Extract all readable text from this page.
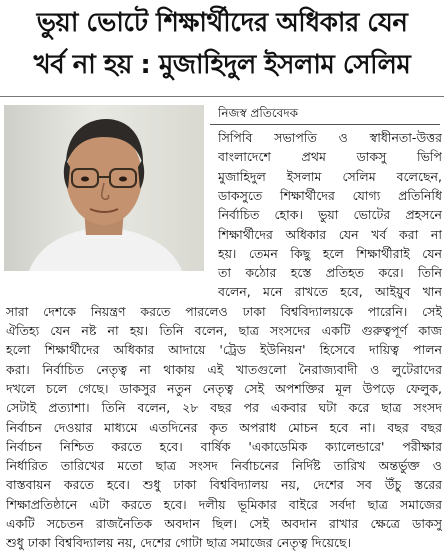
ভুয়া ভোটে শিক্ষার্থীদের অধিকার যেন
খর্ব না হয় : মুজাহিদুল ইসলাম সেলিম
নিজস্ব প্রতিবেদক
সিপিবি সভাপতি ও স্বাধীনতা-উত্তর
বাংলাদেশে প্রথম ডাকসু ভিপি
মুজাহিদুল ইসলাম সেলিম বলেছেন,
ডাকসুতে শিক্ষার্থীদের যোগ্য প্রতিনিধি
নির্বাচিত হোক। ভুয়া ভোটের প্রহসনে
শিক্ষার্থীদের অধিকার যেন খর্ব করা না
হয়। তেমন কিছু হলে শিক্ষার্থীরাই যেন
তা কঠোর হস্তে প্রতিহত করে। তিনি
বলেন, মনে রাখতে হবে, আইয়ুব খান
সারা দেশকে নিয়ন্ত্রণ করতে পারলেও ঢাকা বিশ্ববিদ্যালয়কে পারেনি। সেই
ঐতিহ্য যেন নষ্ট না হয়। তিনি বলেন, ছাত্র সংসদের একটি গুরুত্বপূর্ণ কাজ
হলো শিক্ষার্থীদের অধিকার আদায়ে 'ট্রেড ইউনিয়ন' হিসেবে দায়িত্ব পালন
করা। নির্বাচিত নেতৃত্ব না থাকায় এই খাতগুলো নৈরাজ্যবাদী ও লুটেরাদের
দখলে চলে গেছে। ডাকসুর নতুন নেতৃত্ব সেই অপশক্তির মূল উপড়ে ফেলুক,
সেটাই প্রত্যাশা। তিনি বলেন, ২৮ বছর পর একবার ঘটা করে ছাত্র সংসদ
নির্বাচন দেওয়ার মাধ্যমে এতদিনের কৃত অপরাধ মোচন হবে না। বছর বছর
নির্বাচন নিশ্চিত করতে হবে। বার্ষিক 'একাডেমিক ক্যালেন্ডারে' পরীক্ষার
নির্ধারিত তারিখের মতো ছাত্র সংসদ নির্বাচনের নির্দিষ্ট তারিখ অন্তর্ভুক্ত ও
বাস্তবায়ন করতে হবে। শুধু ঢাকা বিশ্ববিদ্যালয় নয়, দেশের সব উঁচু স্তরের
শিক্ষাপ্রতিষ্ঠানে এটা করতে হবে। দলীয় ভূমিকার বাইরে সর্বদা ছাত্র সমাজের
একটি সচেতন রাজনৈতিক অবদান ছিল। সেই অবদান রাখার ক্ষেত্রে ডাকসু
শুধু ঢাকা বিশ্ববিদ্যালয় নয়, দেশের গোটা ছাত্র সমাজের নেতৃত্ব দিয়েছে।
